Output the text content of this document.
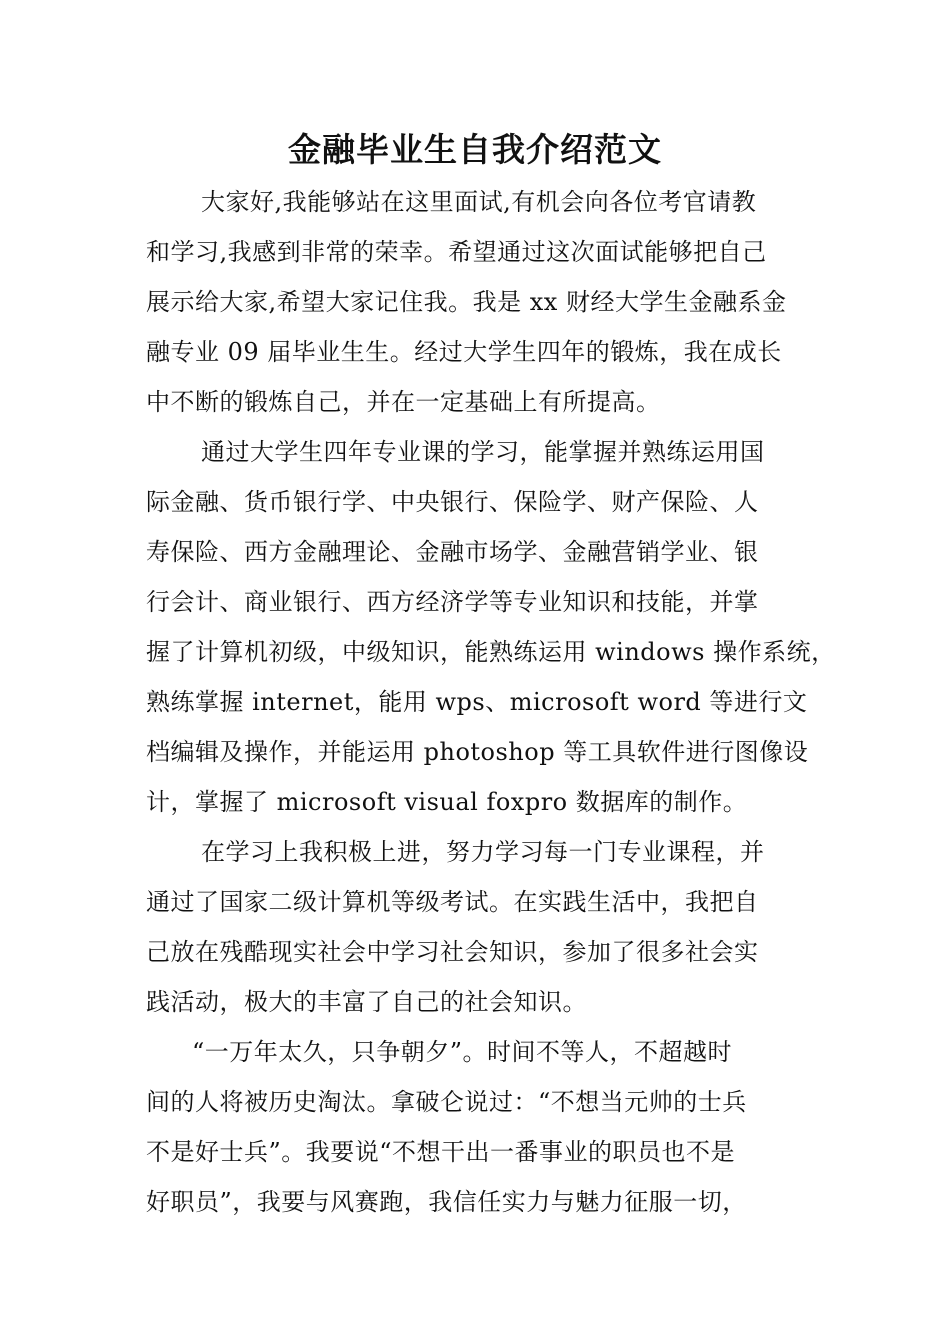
金融毕业生自我介绍范文
大家好,我能够站在这里面试,有机会向各位考官请教
和学习,我感到非常的荣幸。希望通过这次面试能够把自己
展示给大家,希望大家记住我。我是 xx 财经大学生金融系金
融专业 09 届毕业生生。经过大学生四年的锻炼，我在成长
中不断的锻炼自己，并在一定基础上有所提高。
通过大学生四年专业课的学习，能掌握并熟练运用国
际金融、货币银行学、中央银行、保险学、财产保险、人
寿保险、西方金融理论、金融市场学、金融营销学业、银
行会计、商业银行、西方经济学等专业知识和技能，并掌
握了计算机初级，中级知识，能熟练运用 windows 操作系统，
熟练掌握 internet，能用 wps、microsoft word 等进行文
档编辑及操作，并能运用 photoshop 等工具软件进行图像设
计，掌握了 microsoft visual foxpro 数据库的制作。
在学习上我积极上进，努力学习每一门专业课程，并
通过了国家二级计算机等级考试。在实践生活中，我把自
己放在残酷现实社会中学习社会知识，参加了很多社会实
践活动，极大的丰富了自己的社会知识。
“一万年太久，只争朝夕”。时间不等人，不超越时
间的人将被历史淘汰。拿破仑说过：“不想当元帅的士兵
不是好士兵”。我要说“不想干出一番事业的职员也不是
好职员”，我要与风赛跑，我信任实力与魅力征服一切，
